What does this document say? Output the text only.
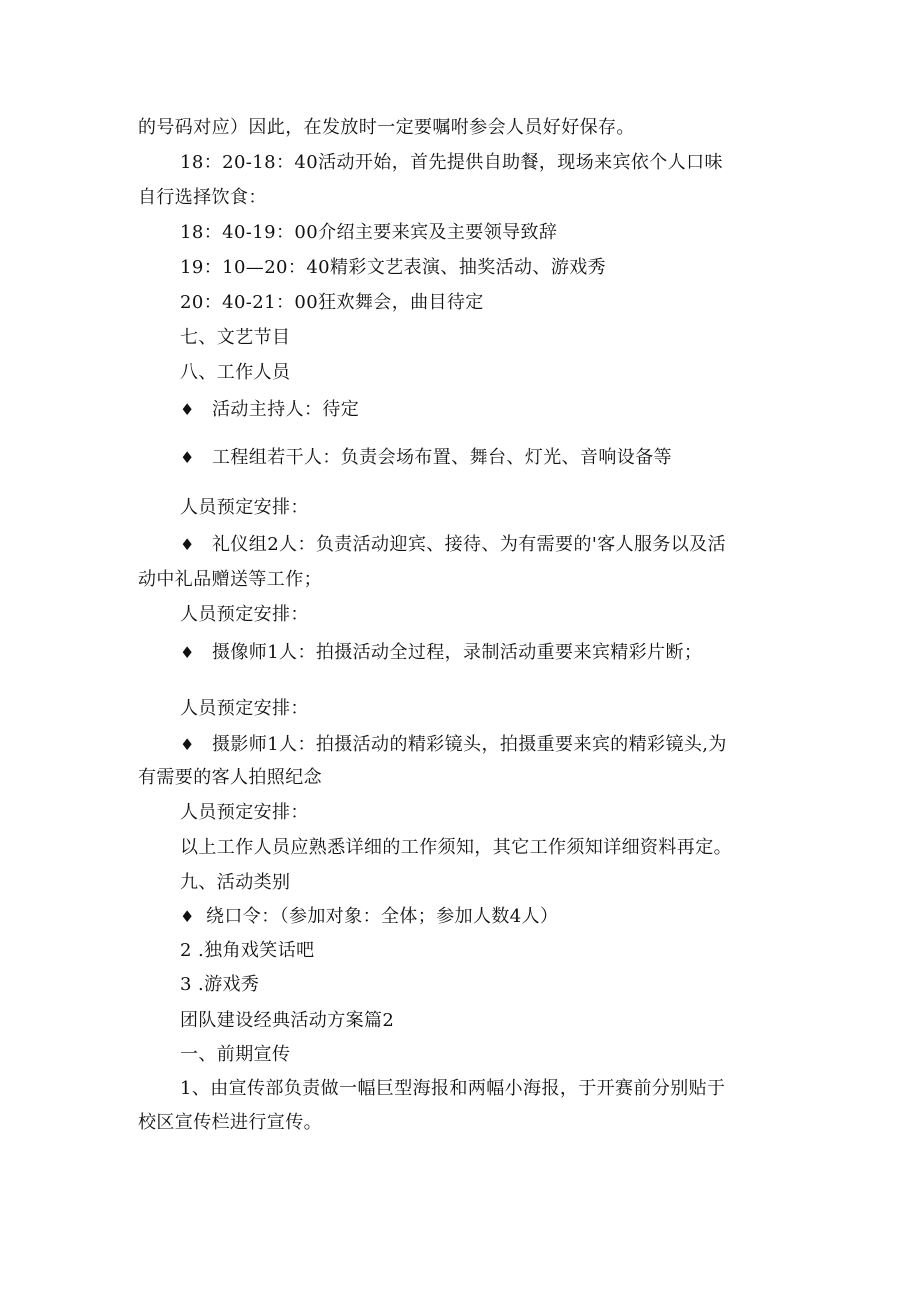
的号码对应）因此，在发放时一定要嘱咐参会人员好好保存。
18：20-18：40活动开始，首先提供自助餐，现场来宾依个人口味
自行选择饮食：
18：40-19：00介绍主要来宾及主要领导致辞
19：10—20：40精彩文艺表演、抽奖活动、游戏秀
20：40-21：00狂欢舞会，曲目待定
七、文艺节目
八、工作人员
♦ 活动主持人：待定
♦ 工程组若干人：负责会场布置、舞台、灯光、音响设备等
人员预定安排：
♦ 礼仪组2人：负责活动迎宾、接待、为有需要的'客人服务以及活
动中礼品赠送等工作；
人员预定安排：
♦ 摄像师1人：拍摄活动全过程，录制活动重要来宾精彩片断；
人员预定安排：
♦ 摄影师1人：拍摄活动的精彩镜头，拍摄重要来宾的精彩镜头,为
有需要的客人拍照纪念
人员预定安排：
以上工作人员应熟悉详细的工作须知，其它工作须知详细资料再定。
九、活动类别
♦ 绕口令：（参加对象：全体；参加人数4人）
2 .独角戏笑话吧
3 .游戏秀
团队建设经典活动方案篇2
一、前期宣传
1、由宣传部负责做一幅巨型海报和两幅小海报，于开赛前分别贴于
校区宣传栏进行宣传。
